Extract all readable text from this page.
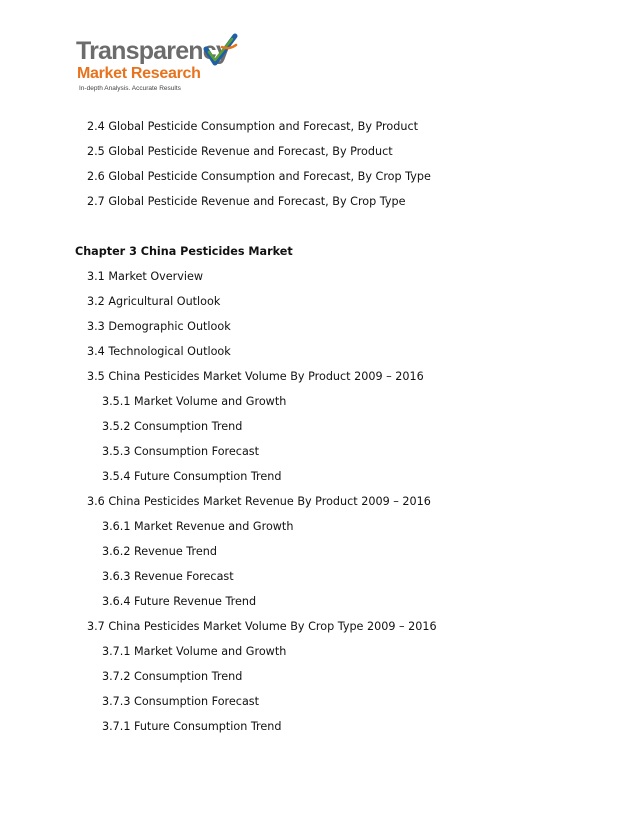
Transparency
Market Research
In-depth Analysis. Accurate Results
2.4 Global Pesticide Consumption and Forecast, By Product
2.5 Global Pesticide Revenue and Forecast, By Product
2.6 Global Pesticide Consumption and Forecast, By Crop Type
2.7 Global Pesticide Revenue and Forecast, By Crop Type
Chapter 3 China Pesticides Market
3.1 Market Overview
3.2 Agricultural Outlook
3.3 Demographic Outlook
3.4 Technological Outlook
3.5 China Pesticides Market Volume By Product 2009 – 2016
3.5.1 Market Volume and Growth
3.5.2 Consumption Trend
3.5.3 Consumption Forecast
3.5.4 Future Consumption Trend
3.6 China Pesticides Market Revenue By Product 2009 – 2016
3.6.1 Market Revenue and Growth
3.6.2 Revenue Trend
3.6.3 Revenue Forecast
3.6.4 Future Revenue Trend
3.7 China Pesticides Market Volume By Crop Type 2009 – 2016
3.7.1 Market Volume and Growth
3.7.2 Consumption Trend
3.7.3 Consumption Forecast
3.7.1 Future Consumption Trend
